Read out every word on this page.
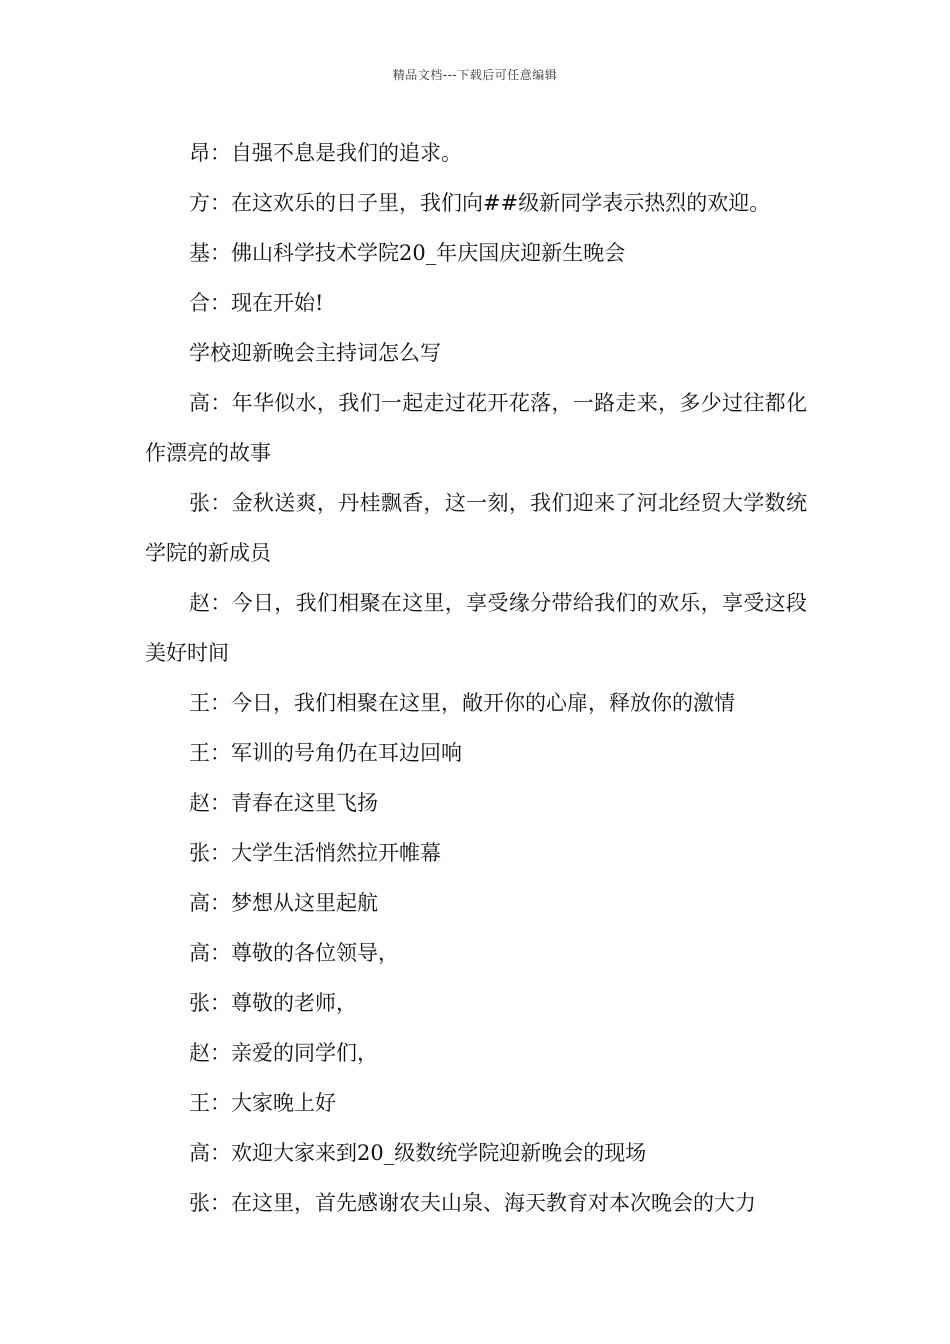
精品文档---下载后可任意编辑

昂：自强不息是我们的追求。

方：在这欢乐的日子里，我们向##级新同学表示热烈的欢迎。

基：佛山科学技术学院20_年庆国庆迎新生晚会

合：现在开始!

学校迎新晚会主持词怎么写

高：年华似水，我们一起走过花开花落，一路走来，多少过往都化作漂亮的故事

张：金秋送爽，丹桂飘香，这一刻，我们迎来了河北经贸大学数统学院的新成员

赵：今日，我们相聚在这里，享受缘分带给我们的欢乐，享受这段美好时间

王：今日，我们相聚在这里，敞开你的心扉，释放你的激情

王：军训的号角仍在耳边回响

赵：青春在这里飞扬

张：大学生活悄然拉开帷幕

高：梦想从这里起航

高：尊敬的各位领导，

张：尊敬的老师，

赵：亲爱的同学们，

王：大家晚上好

高：欢迎大家来到20_级数统学院迎新晚会的现场

张：在这里，首先感谢农夫山泉、海天教育对本次晚会的大力
